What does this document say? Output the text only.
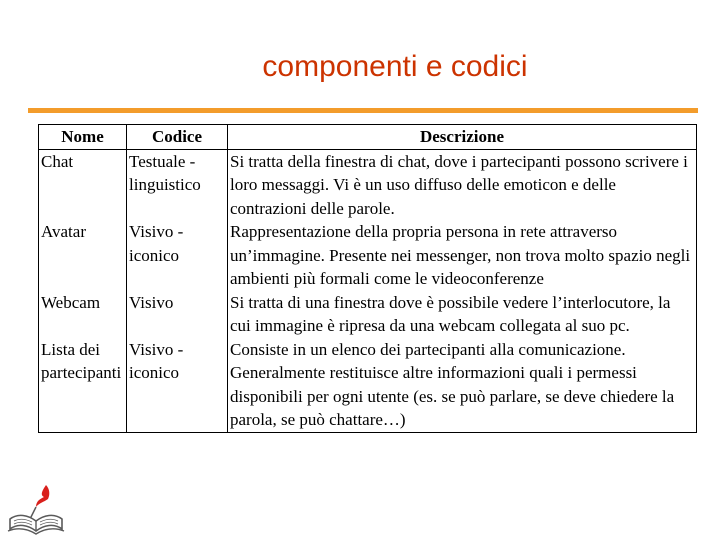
componenti e codici
Nome	Codice	Descrizione
Chat	Testuale - linguistico	Si tratta della finestra di chat, dove i partecipanti possono scrivere i loro messaggi. Vi è un uso diffuso delle emoticon e delle contrazioni delle parole.
Avatar	Visivo - iconico	Rappresentazione della propria persona in rete attraverso un’immagine. Presente nei messenger, non trova molto spazio negli ambienti più formali come le videoconferenze
Webcam	Visivo	Si tratta di una finestra dove è possibile vedere l’interlocutore, la cui immagine è ripresa da una webcam collegata al suo pc.
Lista dei partecipanti	Visivo - iconico	Consiste in un elenco dei partecipanti alla comunicazione. Generalmente restituisce altre informazioni quali i permessi disponibili per ogni utente (es. se può parlare, se deve chiedere la parola, se può chattare…)
